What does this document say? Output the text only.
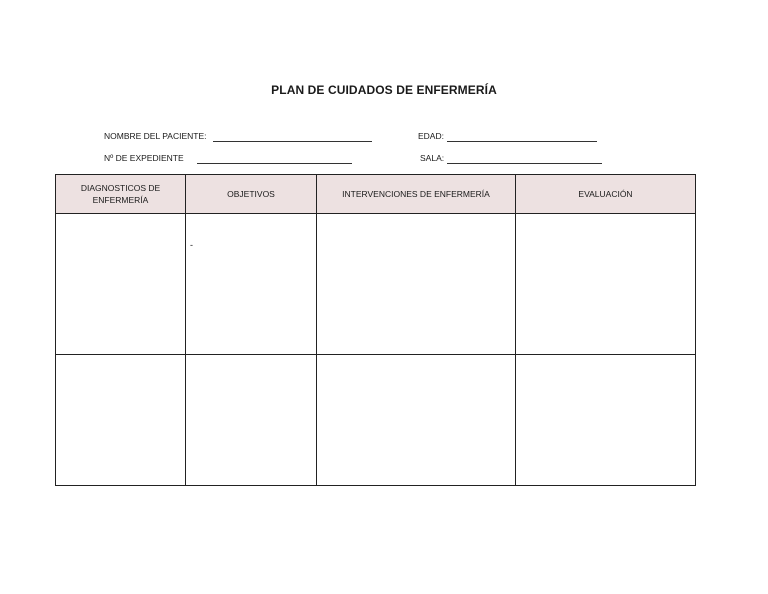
PLAN DE CUIDADOS DE ENFERMERÍA
NOMBRE DEL PACIENTE:	EDAD:
Nº DE EXPEDIENTE	SALA:
DIAGNOSTICOS DE ENFERMERÍA	OBJETIVOS	INTERVENCIONES DE ENFERMERÍA	EVALUACIÓN

	-		
